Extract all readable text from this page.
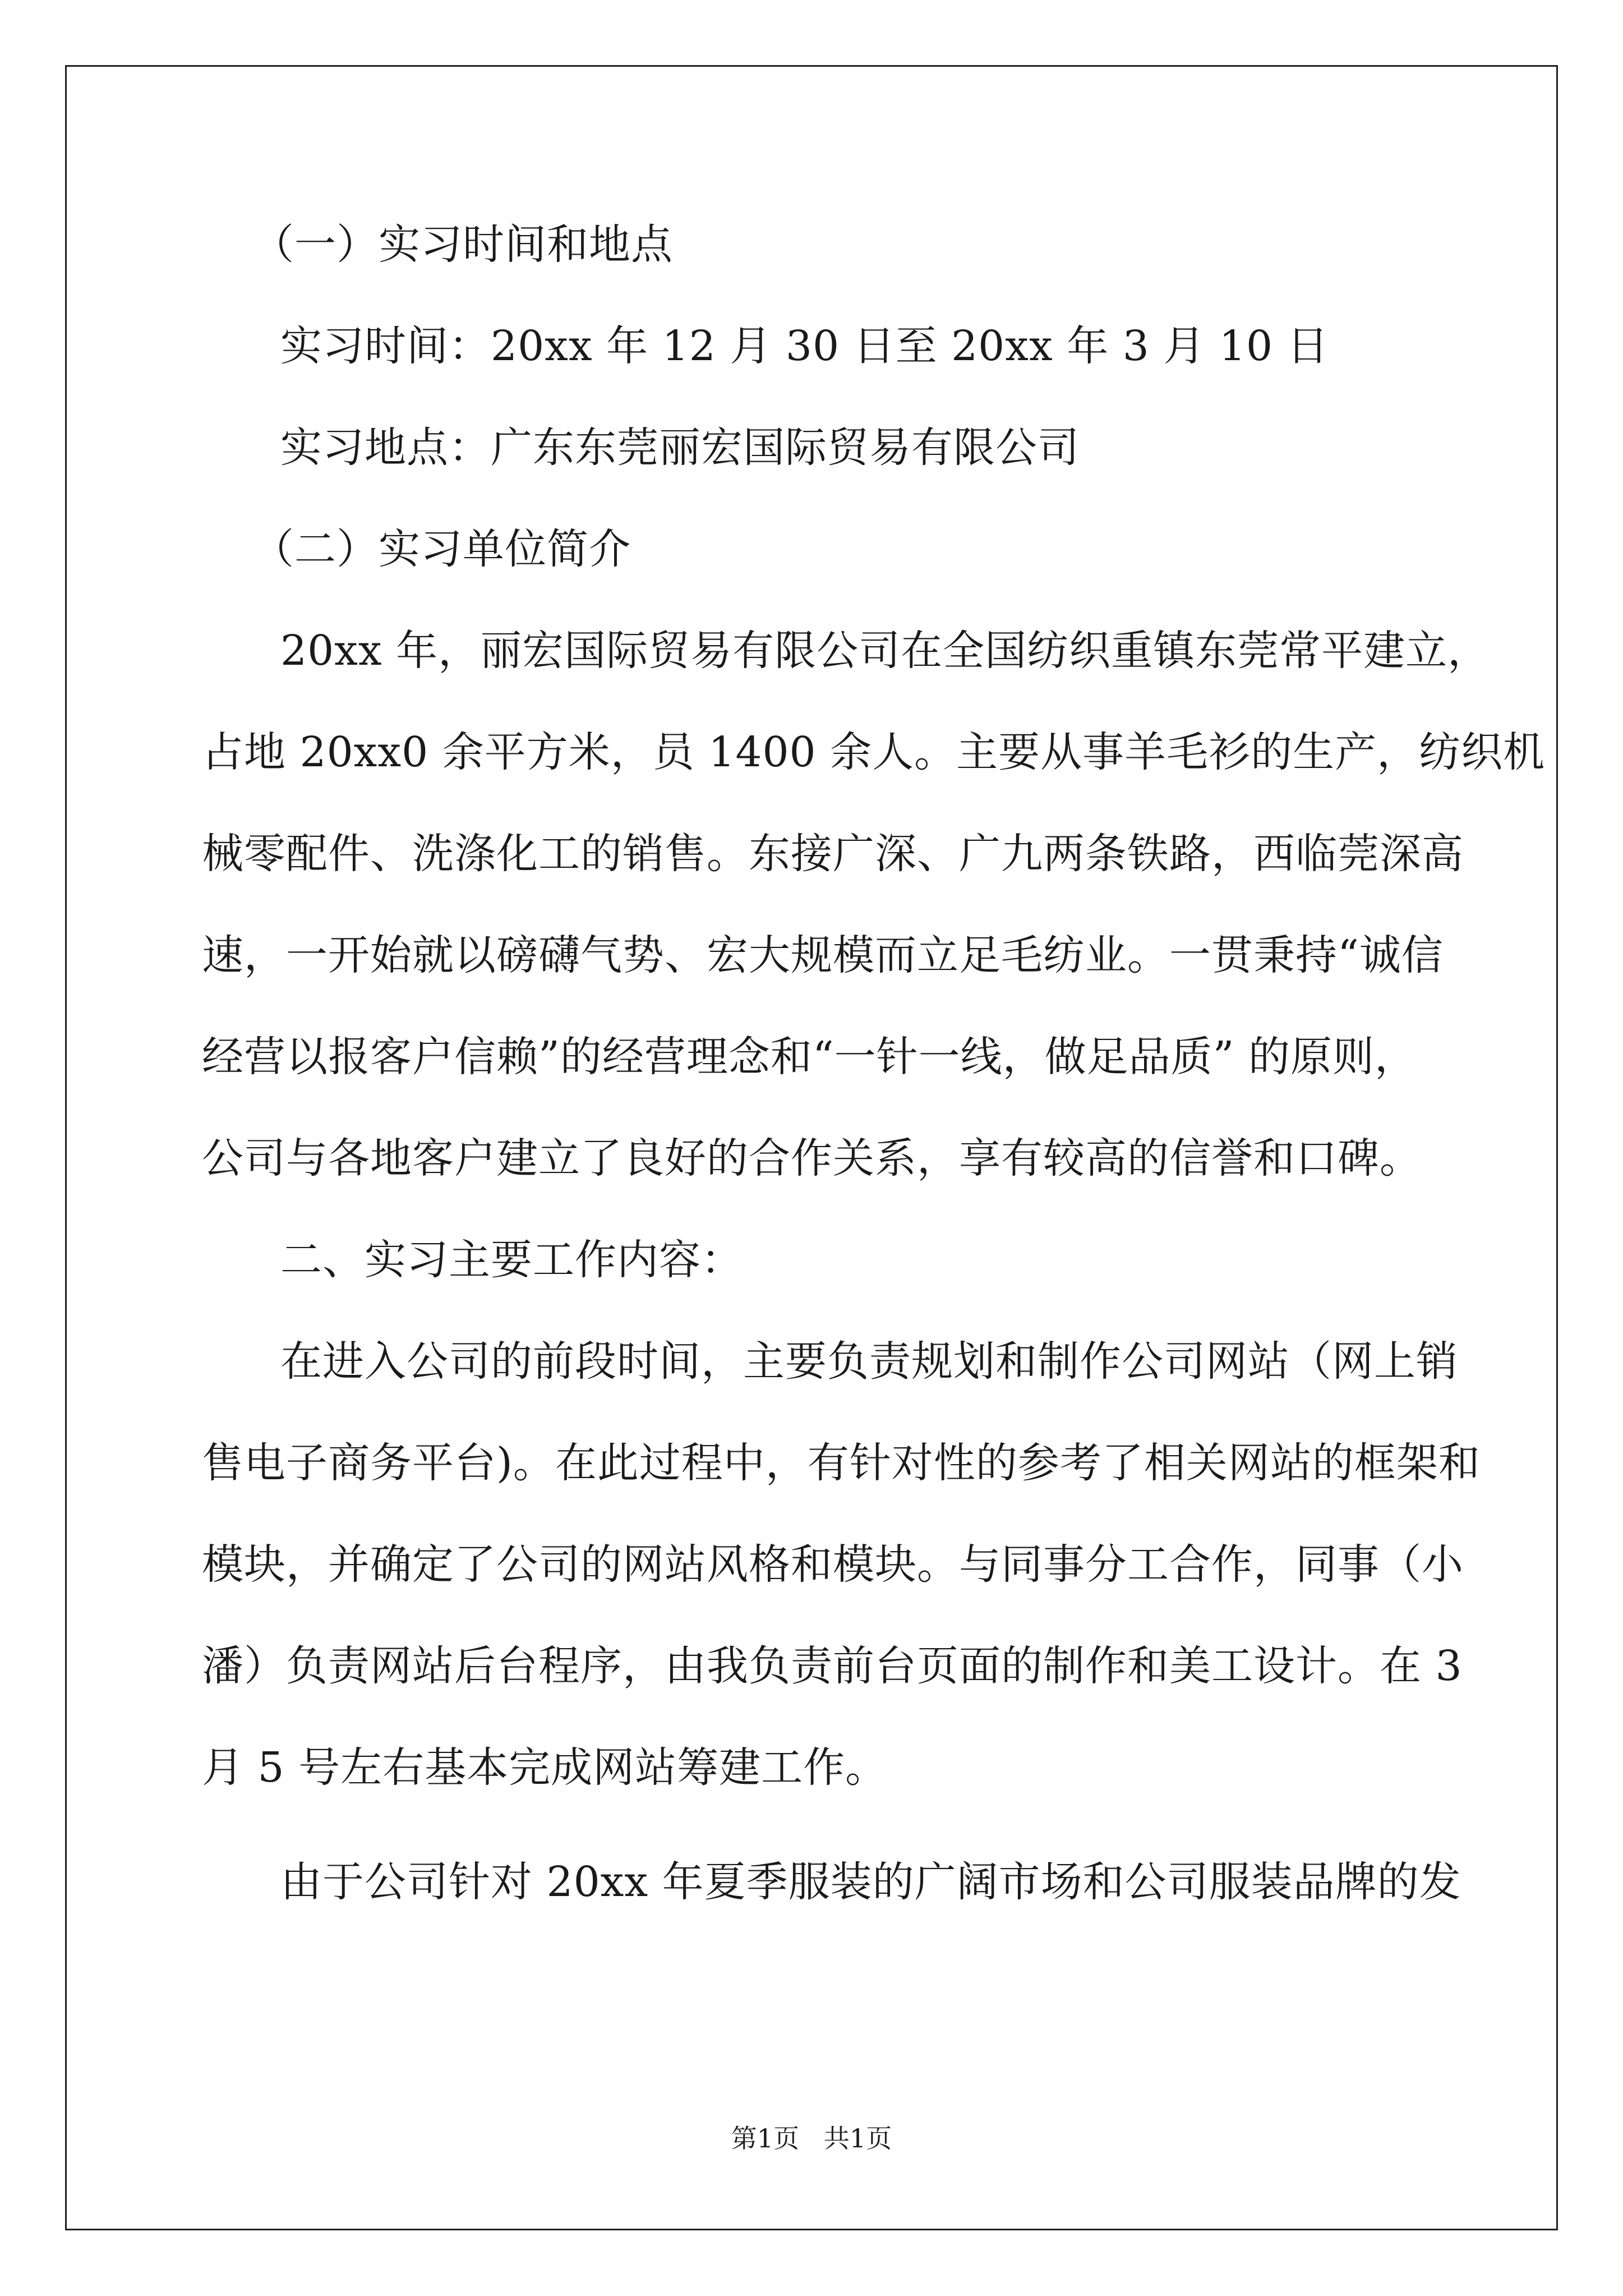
（一）实习时间和地点
实习时间：20xx 年 12 月 30 日至 20xx 年 3 月 10 日
实习地点：广东东莞丽宏国际贸易有限公司
（二）实习单位简介
20xx 年，丽宏国际贸易有限公司在全国纺织重镇东莞常平建立，
占地 20xx0 余平方米，员 1400 余人。主要从事羊毛衫的生产，纺织机
械零配件、洗涤化工的销售。东接广深、广九两条铁路，西临莞深高
速，一开始就以磅礴气势、宏大规模而立足毛纺业。一贯秉持“诚信
经营以报客户信赖”的经营理念和“一针一线，做足品质” 的原则，
公司与各地客户建立了良好的合作关系，享有较高的信誉和口碑。
二、实习主要工作内容：
在进入公司的前段时间，主要负责规划和制作公司网站（网上销
售电子商务平台)。在此过程中，有针对性的参考了相关网站的框架和
模块，并确定了公司的网站风格和模块。与同事分工合作，同事（小
潘）负责网站后台程序，由我负责前台页面的制作和美工设计。在 3
月 5 号左右基本完成网站筹建工作。
由于公司针对 20xx 年夏季服装的广阔市场和公司服装品牌的发
第1页   共1页
